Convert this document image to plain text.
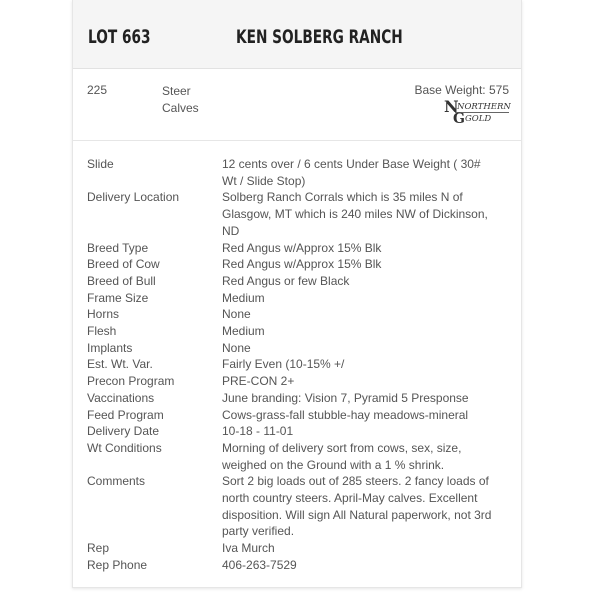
LOT 663	KEN SOLBERG RANCH
225	Steer Calves
Base Weight: 575
N
NORTHERN
G GOLD
Slide	12 cents over / 6 cents Under Base Weight ( 30# Wt / Slide Stop)
Delivery Location	Solberg Ranch Corrals which is 35 miles N of Glasgow, MT which is 240 miles NW of Dickinson, ND
Breed Type	Red Angus w/Approx 15% Blk
Breed of Cow	Red Angus w/Approx 15% Blk
Breed of Bull	Red Angus or few Black
Frame Size	Medium
Horns	None
Flesh	Medium
Implants	None
Est. Wt. Var.	Fairly Even (10-15% +/
Precon Program	PRE-CON 2+
Vaccinations	June branding: Vision 7, Pyramid 5 Presponse
Feed Program	Cows-grass-fall stubble-hay meadows-mineral
Delivery Date	10-18 - 11-01
Wt Conditions	Morning of delivery sort from cows, sex, size, weighed on the Ground with a 1 % shrink.
Comments	Sort 2 big loads out of 285 steers. 2 fancy loads of north country steers. April-May calves. Excellent disposition. Will sign All Natural paperwork, not 3rd party verified.
Rep	Iva Murch
Rep Phone	406-263-7529
